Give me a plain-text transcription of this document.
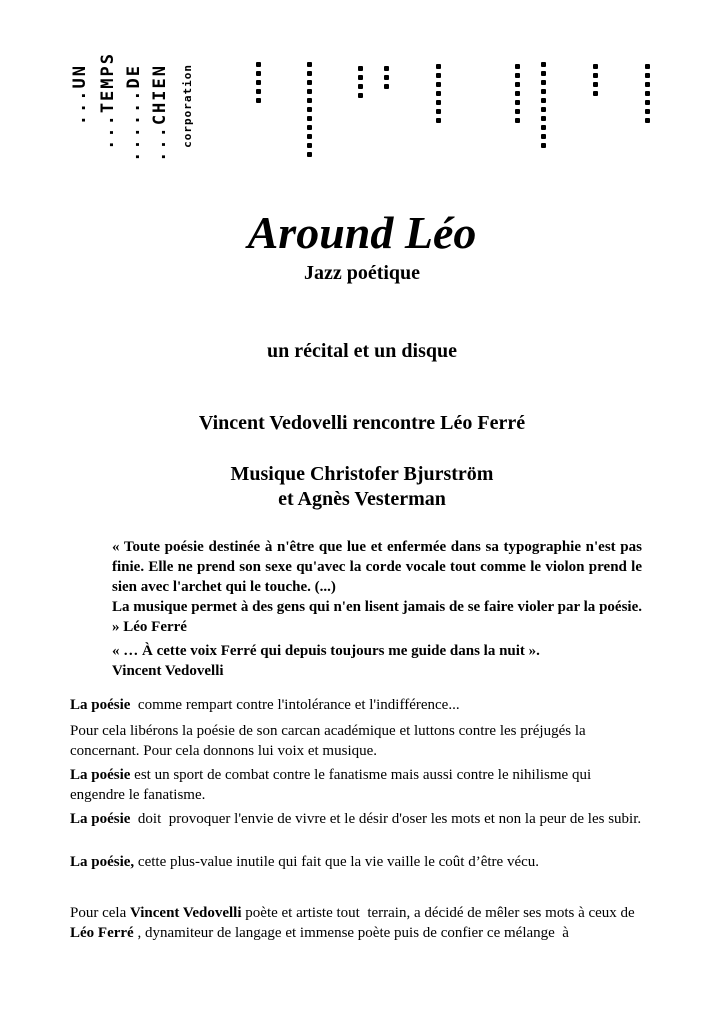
...UN ...TEMPS ......DE ...CHIEN corporation
Around Léo
Jazz poétique
un récital et un disque
Vincent Vedovelli rencontre Léo Ferré
Musique Christofer Bjurström
et Agnès Vesterman
« Toute poésie destinée à n'être que lue et enfermée dans sa typographie n'est pas finie. Elle ne prend son sexe qu'avec la corde vocale tout comme le violon prend le sien avec l'archet qui le touche. (...)
La musique permet à des gens qui n'en lisent jamais de se faire violer par la poésie. » Léo Ferré
« … À cette voix Ferré qui depuis toujours me guide dans la nuit ».
Vincent Vedovelli
La poésie  comme rempart contre l'intolérance et l'indifférence...
Pour cela libérons la poésie de son carcan académique et luttons contre les préjugés la concernant. Pour cela donnons lui voix et musique.
La poésie est un sport de combat contre le fanatisme mais aussi contre le nihilisme qui engendre le fanatisme.
La poésie  doit  provoquer l'envie de vivre et le désir d'oser les mots et non la peur de les subir.
La poésie, cette plus-value inutile qui fait que la vie vaille le coût d’être vécu.
Pour cela Vincent Vedovelli poète et artiste tout  terrain, a décidé de mêler ses mots à ceux de Léo Ferré , dynamiteur de langage et immense poète puis de confier ce mélange  à
